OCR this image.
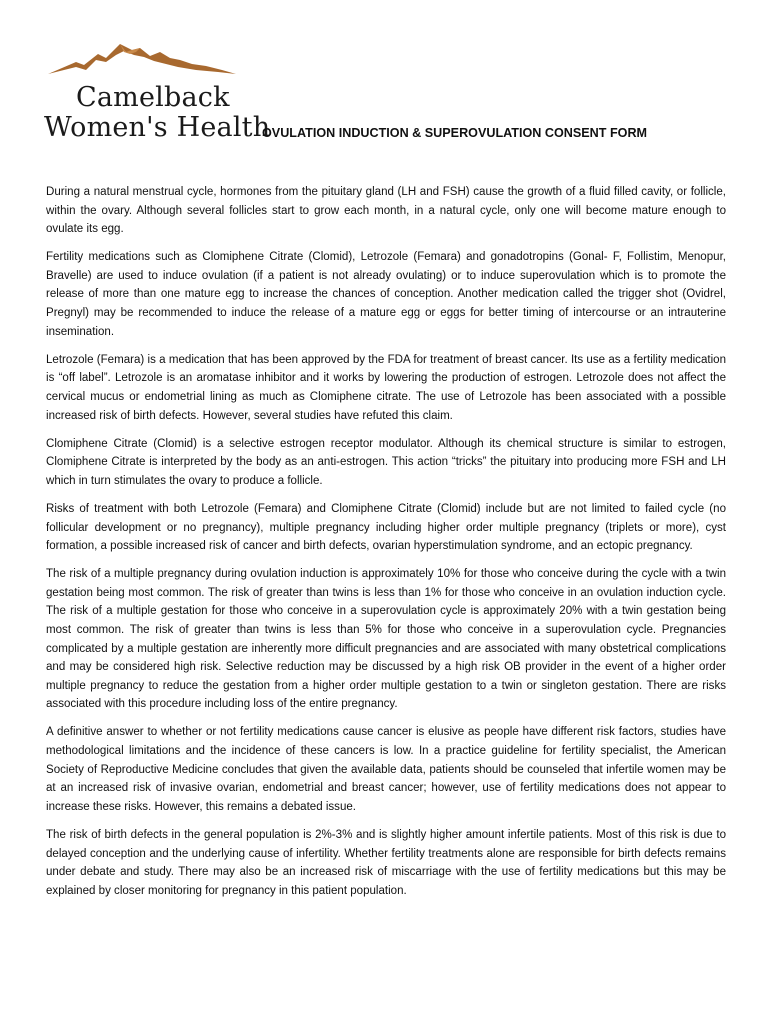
Camelback
Women's Health
OVULATION INDUCTION & SUPEROVULATION CONSENT FORM

During a natural menstrual cycle, hormones from the pituitary gland (LH and FSH) cause the growth of a fluid filled cavity, or follicle, within the ovary. Although several follicles start to grow each month, in a natural cycle, only one will become mature enough to ovulate its egg.

Fertility medications such as Clomiphene Citrate (Clomid), Letrozole (Femara) and gonadotropins (Gonal- F, Follistim, Menopur, Bravelle) are used to induce ovulation (if a patient is not already ovulating) or to induce superovulation which is to promote the release of more than one mature egg to increase the chances of conception. Another medication called the trigger shot (Ovidrel, Pregnyl) may be recommended to induce the release of a mature egg or eggs for better timing of intercourse or an intrauterine insemination.

Letrozole (Femara) is a medication that has been approved by the FDA for treatment of breast cancer. Its use as a fertility medication is “off label”. Letrozole is an aromatase inhibitor and it works by lowering the production of estrogen. Letrozole does not affect the cervical mucus or endometrial lining as much as Clomiphene citrate. The use of Letrozole has been associated with a possible increased risk of birth defects. However, several studies have refuted this claim.

Clomiphene Citrate (Clomid) is a selective estrogen receptor modulator. Although its chemical structure is similar to estrogen, Clomiphene Citrate is interpreted by the body as an anti-estrogen. This action “tricks” the pituitary into producing more FSH and LH which in turn stimulates the ovary to produce a follicle.

Risks of treatment with both Letrozole (Femara) and Clomiphene Citrate (Clomid) include but are not limited to failed cycle (no follicular development or no pregnancy), multiple pregnancy including higher order multiple pregnancy (triplets or more), cyst formation, a possible increased risk of cancer and birth defects, ovarian hyperstimulation syndrome, and an ectopic pregnancy.

The risk of a multiple pregnancy during ovulation induction is approximately 10% for those who conceive during the cycle with a twin gestation being most common. The risk of greater than twins is less than 1% for those who conceive in an ovulation induction cycle. The risk of a multiple gestation for those who conceive in a superovulation cycle is approximately 20% with a twin gestation being most common. The risk of greater than twins is less than 5% for those who conceive in a superovulation cycle. Pregnancies complicated by a multiple gestation are inherently more difficult pregnancies and are associated with many obstetrical complications and may be considered high risk. Selective reduction may be discussed by a high risk OB provider in the event of a higher order multiple pregnancy to reduce the gestation from a higher order multiple gestation to a twin or singleton gestation. There are risks associated with this procedure including loss of the entire pregnancy.

A definitive answer to whether or not fertility medications cause cancer is elusive as people have different risk factors, studies have methodological limitations and the incidence of these cancers is low. In a practice guideline for fertility specialist, the American Society of Reproductive Medicine concludes that given the available data, patients should be counseled that infertile women may be at an increased risk of invasive ovarian, endometrial and breast cancer; however, use of fertility medications does not appear to increase these risks. However, this remains a debated issue.

The risk of birth defects in the general population is 2%-3% and is slightly higher amount infertile patients. Most of this risk is due to delayed conception and the underlying cause of infertility. Whether fertility treatments alone are responsible for birth defects remains under debate and study. There may also be an increased risk of miscarriage with the use of fertility medications but this may be explained by closer monitoring for pregnancy in this patient population.
